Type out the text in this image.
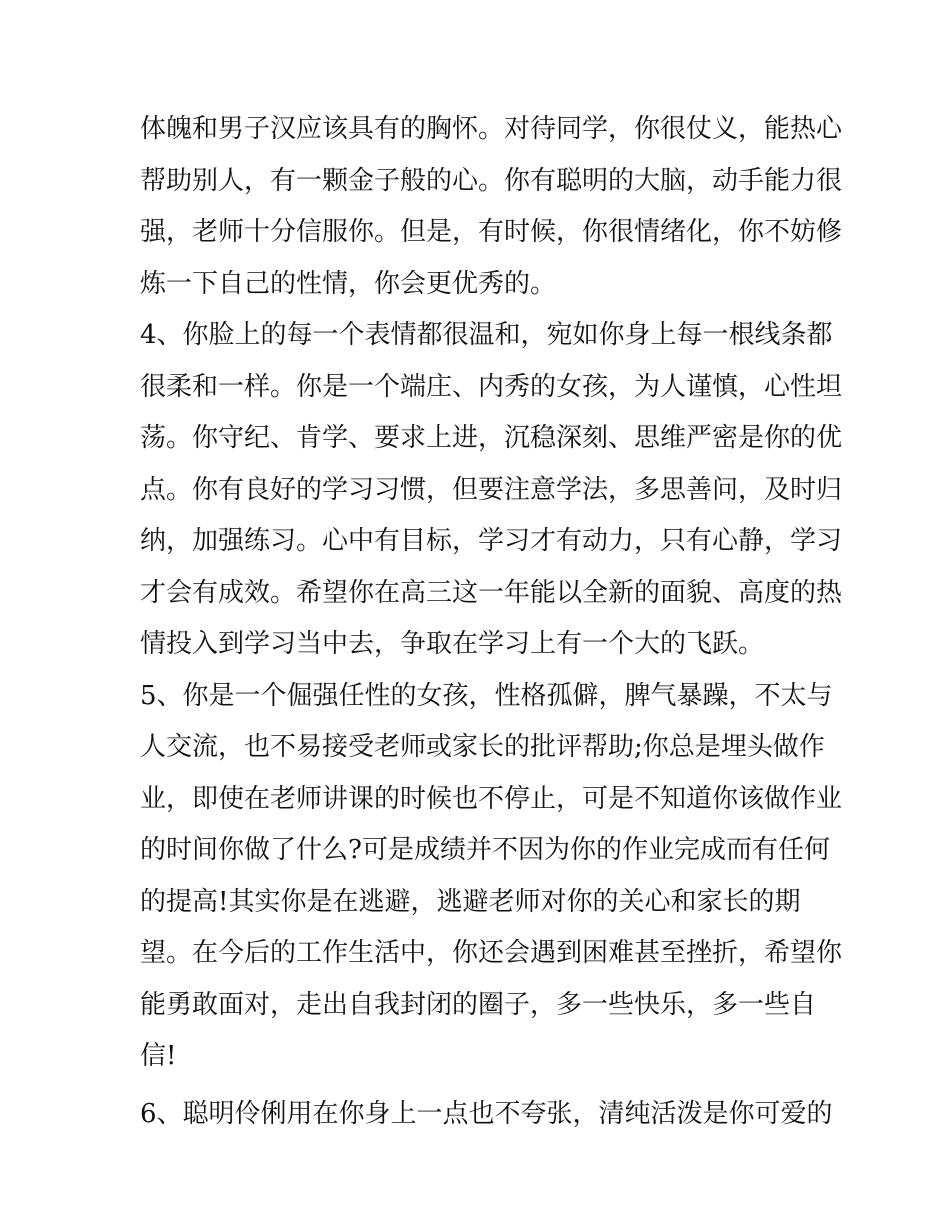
体魄和男子汉应该具有的胸怀。对待同学，你很仗义，能热心
帮助别人，有一颗金子般的心。你有聪明的大脑，动手能力很
强，老师十分信服你。但是，有时候，你很情绪化，你不妨修
炼一下自己的性情，你会更优秀的。
4、你脸上的每一个表情都很温和，宛如你身上每一根线条都
很柔和一样。你是一个端庄、内秀的女孩，为人谨慎，心性坦
荡。你守纪、肯学、要求上进，沉稳深刻、思维严密是你的优
点。你有良好的学习习惯，但要注意学法，多思善问，及时归
纳，加强练习。心中有目标，学习才有动力，只有心静，学习
才会有成效。希望你在高三这一年能以全新的面貌、高度的热
情投入到学习当中去，争取在学习上有一个大的飞跃。
5、你是一个倔强任性的女孩，性格孤僻，脾气暴躁，不太与
人交流，也不易接受老师或家长的批评帮助;你总是埋头做作
业，即使在老师讲课的时候也不停止，可是不知道你该做作业
的时间你做了什么?可是成绩并不因为你的作业完成而有任何
的提高!其实你是在逃避，逃避老师对你的关心和家长的期
望。在今后的工作生活中，你还会遇到困难甚至挫折，希望你
能勇敢面对，走出自我封闭的圈子，多一些快乐，多一些自
信!
6、聪明伶俐用在你身上一点也不夸张，清纯活泼是你可爱的
